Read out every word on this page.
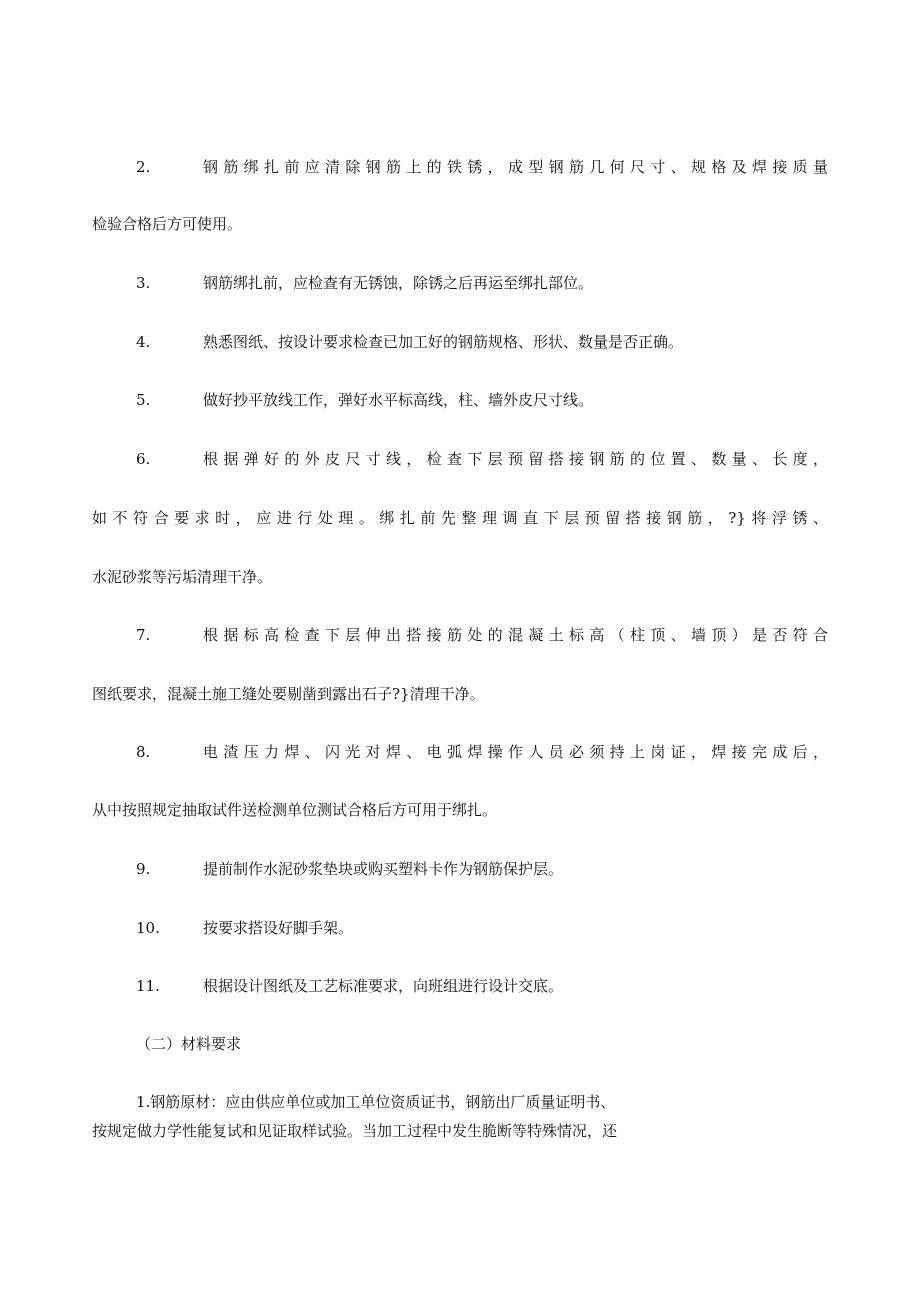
2.	钢筋绑扎前应清除钢筋上的铁锈，成型钢筋几何尺寸、规格及焊接质量
检验合格后方可使用。
3.	钢筋绑扎前，应检查有无锈蚀，除锈之后再运至绑扎部位。
4.	熟悉图纸、按设计要求检查已加工好的钢筋规格、形状、数量是否正确。
5.	做好抄平放线工作，弹好水平标高线，柱、墙外皮尺寸线。
6.	根据弹好的外皮尺寸线，检查下层预留搭接钢筋的位置、数量、长度，
如不符合要求时，应进行处理。绑扎前先整理调直下层预留搭接钢筋，?}将浮锈、
水泥砂浆等污垢清理干净。
7.	根据标高检查下层伸出搭接筋处的混凝土标高（柱顶、墙顶）是否符合
图纸要求，混凝土施工缝处要剔凿到露出石子?}清理干净。
8.	电渣压力焊、闪光对焊、电弧焊操作人员必须持上岗证，焊接完成后，
从中按照规定抽取试件送检测单位测试合格后方可用于绑扎。
9.	提前制作水泥砂浆垫块或购买塑料卡作为钢筋保护层。
10.	按要求搭设好脚手架。
11.	根据设计图纸及工艺标准要求，向班组进行设计交底。
（二）材料要求
1.钢筋原材：应由供应单位或加工单位资质证书，钢筋出厂质量证明书、
按规定做力学性能复试和见证取样试验。当加工过程中发生脆断等特殊情况，还
